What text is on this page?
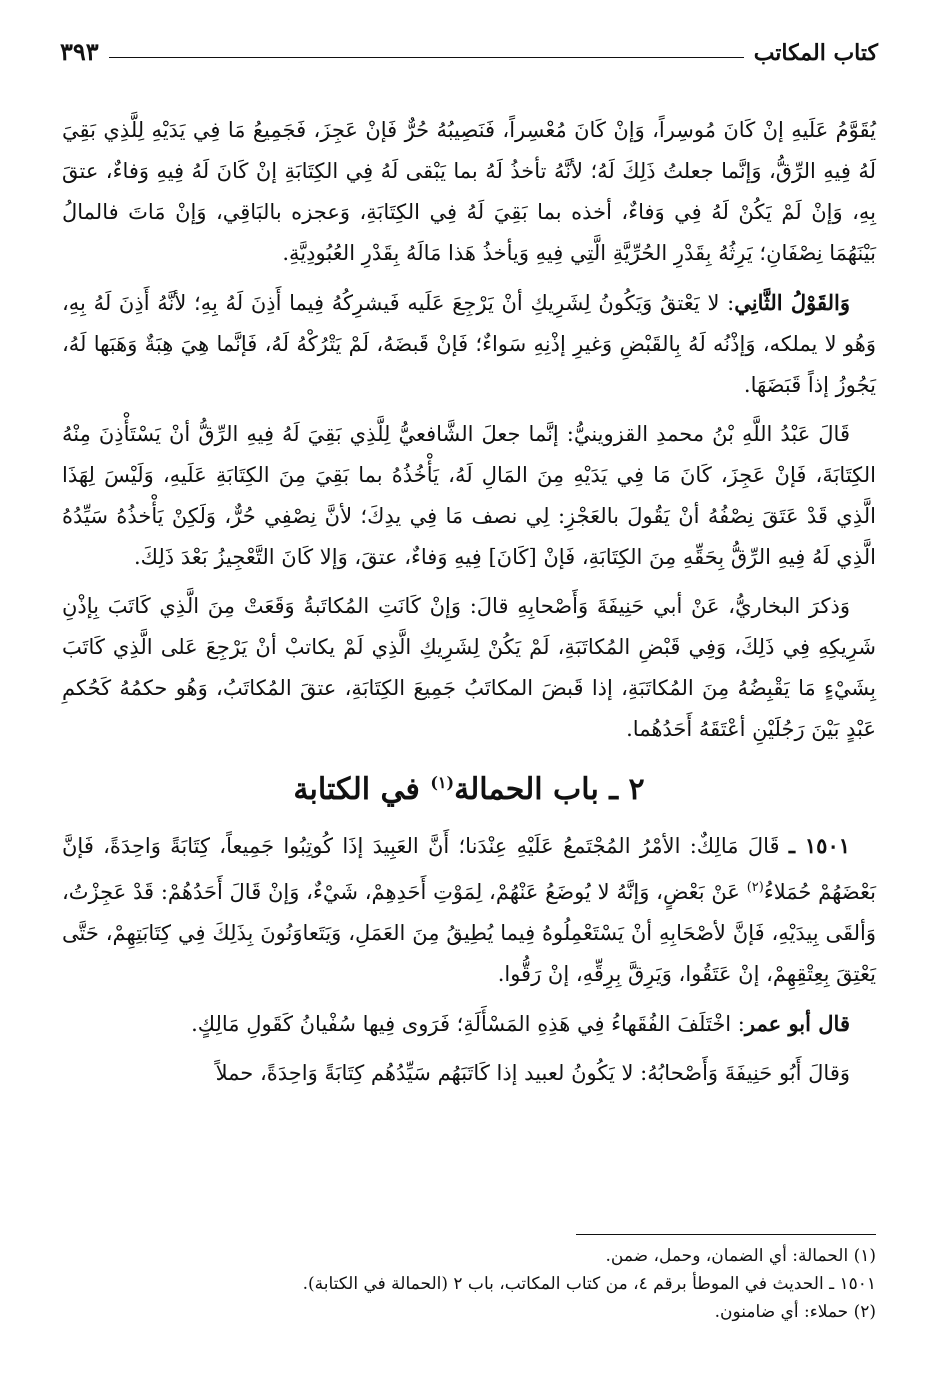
كتاب المكاتب
٣٩٣

يُقَوَّمُ عَلَيهِ إنْ كَانَ مُوسِراً، وَإنْ كَانَ مُعْسِراً، فَنَصِيبُهُ حُرٌّ فَإنْ عَجِزَ، فَجَمِيعُ مَا فِي يَدَيْهِ لِلَّذِي بَقِيَ لَهُ فِيهِ الرِّقُّ، وَإنَّما جعلتُ ذَلِكَ لَهُ؛ لأنَّهُ تأخذُ لَهُ بما يَبْقى لَهُ فِي الكِتَابَةِ إنْ كَانَ لَهُ فِيهِ وَفاءٌ، عتقَ بِهِ، وَإنْ لَمْ يَكُنْ لَهُ فِي وَفاءٌ، أخذه بما بَقِيَ لَهُ فِي الكِتَابَةِ، وَعجزه بالبَاقِي، وَإنْ مَاتَ فالمالُ بَيْنَهُمَا نِصْفَانِ؛ يَرِثُهُ بِقَدْرِ الحُرِّيَّةِ الَّتِي فِيهِ وَيأخذُ هَذا مَالَهُ بِقَدْرِ العُبُودِيَّةِ.

وَالقَوْلُ الثَّانِي: لا يَعْتقُ وَيَكُونُ لِشَرِيكِ أنْ يَرْجِعَ عَلَيه فَيشرِكُهُ فِيما أَذِنَ لَهُ بِهِ؛ لأنَّهُ أَذِنَ لَهُ بِهِ، وَهُو لا يملكه، وَإذْنُه لَهُ بِالقَبْضِ وَغيرِ إذْنِهِ سَواءٌ؛ فَإنْ قَبضَهُ، لَمْ يَتْرُكْهُ لَهُ، فَإنَّما هِيَ هِبَةٌ وَهَبَها لَهُ، يَجُوزُ إذاً قَبَضَهَا.

قَالَ عَبْدُ اللَّهِ بْنُ محمدِ القزوينيُّ: إنَّما جعلَ الشَّافعيُّ لِلَّذِي بَقِيَ لَهُ فِيهِ الرِّقُّ أنْ يَسْتَأْذِنَ مِنْهُ الكِتَابَةَ، فَإنْ عَجِزَ، كَانَ مَا فِي يَدَيْهِ مِنَ المَالِ لَهُ، يَأْخُذُهُ بما بَقِيَ مِنَ الكِتَابَةِ عَلَيهِ، وَلَيْسَ لِهَذَا الَّذِي قَدْ عَتَقَ نِصْفُهُ أنْ يَقُولَ بالعَجْزِ: لِي نصف مَا فِي يدِكَ؛ لأنَّ نِصْفِي حُرٌّ، وَلَكِنْ يَأْخذُهُ سَيِّدُهُ الَّذِي لَهُ فِيهِ الرِّقُّ بِحَقِّهِ مِنَ الكِتَابَةِ، فَإنْ [كَانَ] فِيهِ وَفاءٌ، عتقَ، وَإلا كَانَ التَّعْجِيزُ بَعْدَ ذَلِكَ.

وَذكرَ البخاريُّ، عَنْ أبي حَنِيفَةَ وَأَصْحابِهِ قالَ: وَإنْ كَانَتِ المُكاتَبةُ وَقَعَتْ مِنَ الَّذِي كَاتَبَ بِإذْنِ شَرِيكِهِ فِي ذَلِكَ، وَفِي قَبْضِ المُكاتَبَةِ، لَمْ يَكُنْ لِشَرِيكِ الَّذِي لَمْ يكاتبْ أنْ يَرْجِعَ عَلى الَّذِي كَاتَبَ بِشَيْءٍ مَا يَقْبِضُهُ مِنَ المُكاتَبَةِ، إذا قَبضَ المكاتَبُ جَمِيعَ الكِتَابَةِ، عتقَ المُكاتَبُ، وَهُو حكمُهُ كَحُكمِ عَبْدٍ بَيْنَ رَجُلَيْنِ أعْتَقَهُ أَحَدُهُما.

٢ ـ باب الحمالة$^{(١)}$ في الكتابة

١٥٠١ ـ قَالَ مَالِكٌ: الأمْرُ المُجْتَمعُ عَلَيْهِ عِنْدَنا؛ أَنَّ العَبِيدَ إذَا كُوتِبُوا جَمِيعاً، كِتَابَةً وَاحِدَةً، فَإنَّ بَعْضَهُمْ حُمَلاءُ$^{(٢)}$ عَنْ بَعْضٍ، وَإنَّهُ لا يُوضَعُ عَنْهُمْ، لِمَوْتِ أَحَدِهِمْ، شَيْءٌ، وَإنْ قَالَ أَحَدُهُمْ: قَدْ عَجِزْتُ، وَألقَى بِيدَيْهِ، فَإنَّ لأصْحَابِهِ أنْ يَسْتَعْمِلُوهُ فِيما يُطِيقُ مِنَ العَمَلِ، وَيَتَعاوَنُونَ بِذَلِكَ فِي كِتَابَتِهِمْ، حَتَّى يَعْتِقَ بِعِتْقِهِمْ، إنْ عَتَقُوا، وَيَرِقَّ بِرِقِّهِ، إنْ رَقُّوا.

قال أبو عمر: اخْتَلَفَ الفُقَهاءُ فِي هَذِهِ المَسْأَلَةِ؛ فَرَوى فِيها سُفْيانُ كَقَولِ مَالِكٍ.

وَقالَ أَبُو حَنِيفَةَ وَأَصْحابُهُ: لا يَكُونُ لعبيد إذا كَاتَبَهُم سَيِّدُهُم كِتَابَةً وَاحِدَةً، حملاً

(١) الحمالة: أي الضمان، وحمل، ضمن.
١٥٠١ ـ الحديث في الموطأ برقم ٤، من كتاب المكاتب، باب ٢ (الحمالة في الكتابة).
(٢) حملاء: أي ضامنون.
